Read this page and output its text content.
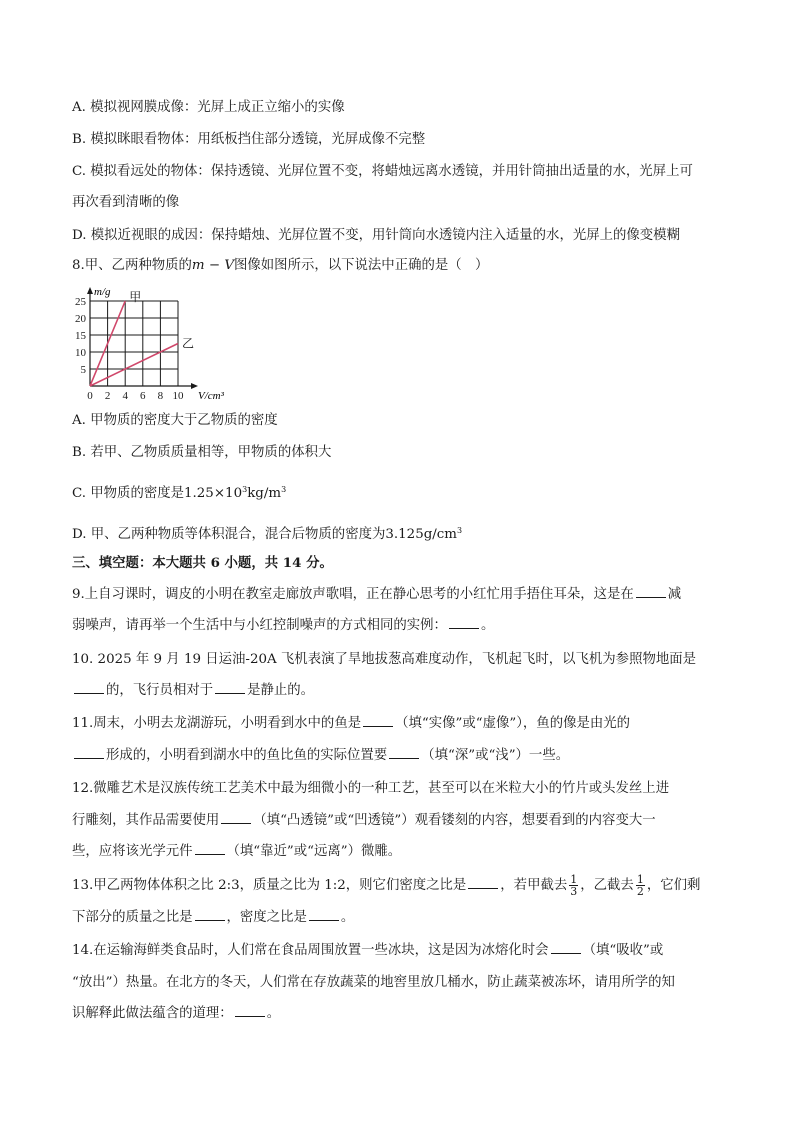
A. 模拟视网膜成像：光屏上成正立缩小的实像
B. 模拟眯眼看物体：用纸板挡住部分透镜，光屏成像不完整
C. 模拟看远处的物体：保持透镜、光屏位置不变，将蜡烛远离水透镜，并用针筒抽出适量的水，光屏上可
再次看到清晰的像
D. 模拟近视眼的成因：保持蜡烛、光屏位置不变，用针筒向水透镜内注入适量的水，光屏上的像变模糊
8.甲、乙两种物质的m − V图像如图所示，以下说法中正确的是（　）
A. 甲物质的密度大于乙物质的密度
B. 若甲、乙物质质量相等，甲物质的体积大
C. 甲物质的密度是$1.25\times 10^3kg/m^3$
D. 甲、乙两种物质等体积混合，混合后物质的密度为$3.125g/cm^3$
三、填空题：本大题共 6 小题，共 14 分。
9.上自习课时，调皮的小明在教室走廊放声歌唱，正在静心思考的小红忙用手捂住耳朵，这是在	减
弱噪声，请再举一个生活中与小红控制噪声的方式相同的实例：	。
10. 2025 年 9 月 19 日运油-20A 飞机表演了旱地拔葱高难度动作，飞机起飞时，以飞机为参照物地面是
的，飞行员相对于	是静止的。
11.周末，小明去龙湖游玩，小明看到水中的鱼是	（填“实像”或“虚像”），鱼的像是由光的
形成的，小明看到湖水中的鱼比鱼的实际位置要	（填“深”或“浅”）一些。
12.微雕艺术是汉族传统工艺美术中最为细微小的一种工艺，甚至可以在米粒大小的竹片或头发丝上进
行雕刻，其作品需要使用	（填“凸透镜”或“凹透镜”）观看镂刻的内容，想要看到的内容变大一
些，应将该光学元件	（填“靠近”或“远离”）微雕。
13.甲乙两物体体积之比 2:3，质量之比为 1:2，则它们密度之比是	，若甲截去 $\frac{1}{3}$ ，乙截去 $\frac{1}{2}$ ，它们剩
下部分的质量之比是	，密度之比是	。
14.在运输海鲜类食品时，人们常在食品周围放置一些冰块，这是因为冰熔化时会	（填“吸收”或
“放出”）热量。在北方的冬天，人们常在存放蔬菜的地窖里放几桶水，防止蔬菜被冻坏，请用所学的知
识解释此做法蕴含的道理：	。
0 2 4 6 8 10
5
10
15
20
25	甲
乙
m/g
V/cm³
